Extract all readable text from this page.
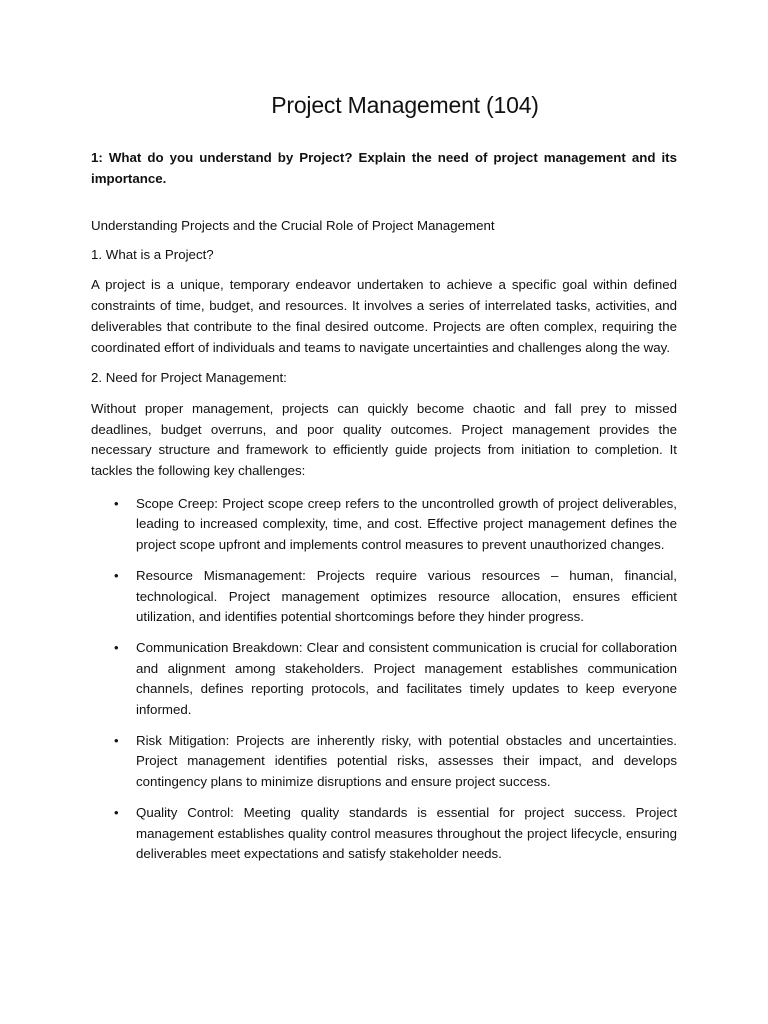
Project Management (104)

1: What do you understand by Project? Explain the need of project management and its importance.

Understanding Projects and the Crucial Role of Project Management

1. What is a Project?

A project is a unique, temporary endeavor undertaken to achieve a specific goal within defined constraints of time, budget, and resources. It involves a series of interrelated tasks, activities, and deliverables that contribute to the final desired outcome. Projects are often complex, requiring the coordinated effort of individuals and teams to navigate uncertainties and challenges along the way.

2. Need for Project Management:

Without proper management, projects can quickly become chaotic and fall prey to missed deadlines, budget overruns, and poor quality outcomes. Project management provides the necessary structure and framework to efficiently guide projects from initiation to completion. It tackles the following key challenges:

• Scope Creep: Project scope creep refers to the uncontrolled growth of project deliverables, leading to increased complexity, time, and cost. Effective project management defines the project scope upfront and implements control measures to prevent unauthorized changes.
• Resource Mismanagement: Projects require various resources – human, financial, technological. Project management optimizes resource allocation, ensures efficient utilization, and identifies potential shortcomings before they hinder progress.
• Communication Breakdown: Clear and consistent communication is crucial for collaboration and alignment among stakeholders. Project management establishes communication channels, defines reporting protocols, and facilitates timely updates to keep everyone informed.
• Risk Mitigation: Projects are inherently risky, with potential obstacles and uncertainties. Project management identifies potential risks, assesses their impact, and develops contingency plans to minimize disruptions and ensure project success.
• Quality Control: Meeting quality standards is essential for project success. Project management establishes quality control measures throughout the project lifecycle, ensuring deliverables meet expectations and satisfy stakeholder needs.
